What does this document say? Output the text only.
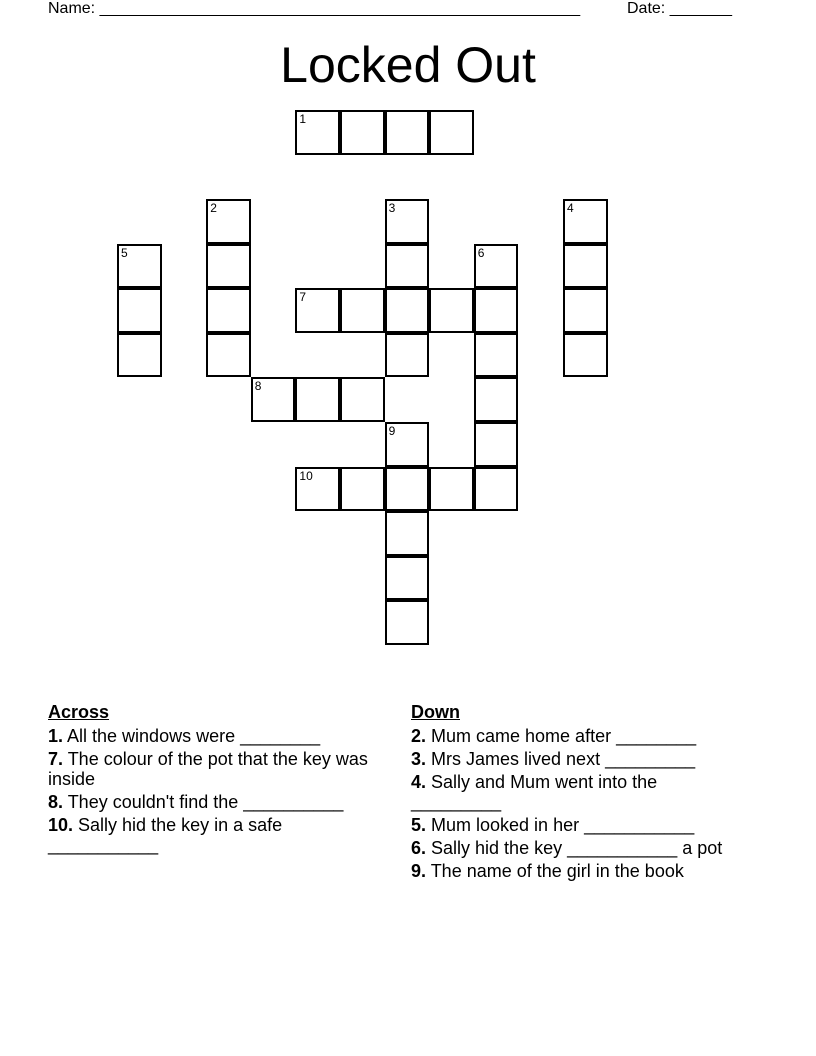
Name: ______________________________________________________	Date: _______
Locked Out
1
2	3	4
5	6
7
8
9
10
Across
1. All the windows were ________
7. The colour of the pot that the key was inside
8. They couldn't find the __________
10. Sally hid the key in a safe ___________
Down
2. Mum came home after ________
3. Mrs James lived next _________
4. Sally and Mum went into the _________
5. Mum looked in her ___________
6. Sally hid the key ___________ a pot
9. The name of the girl in the book
